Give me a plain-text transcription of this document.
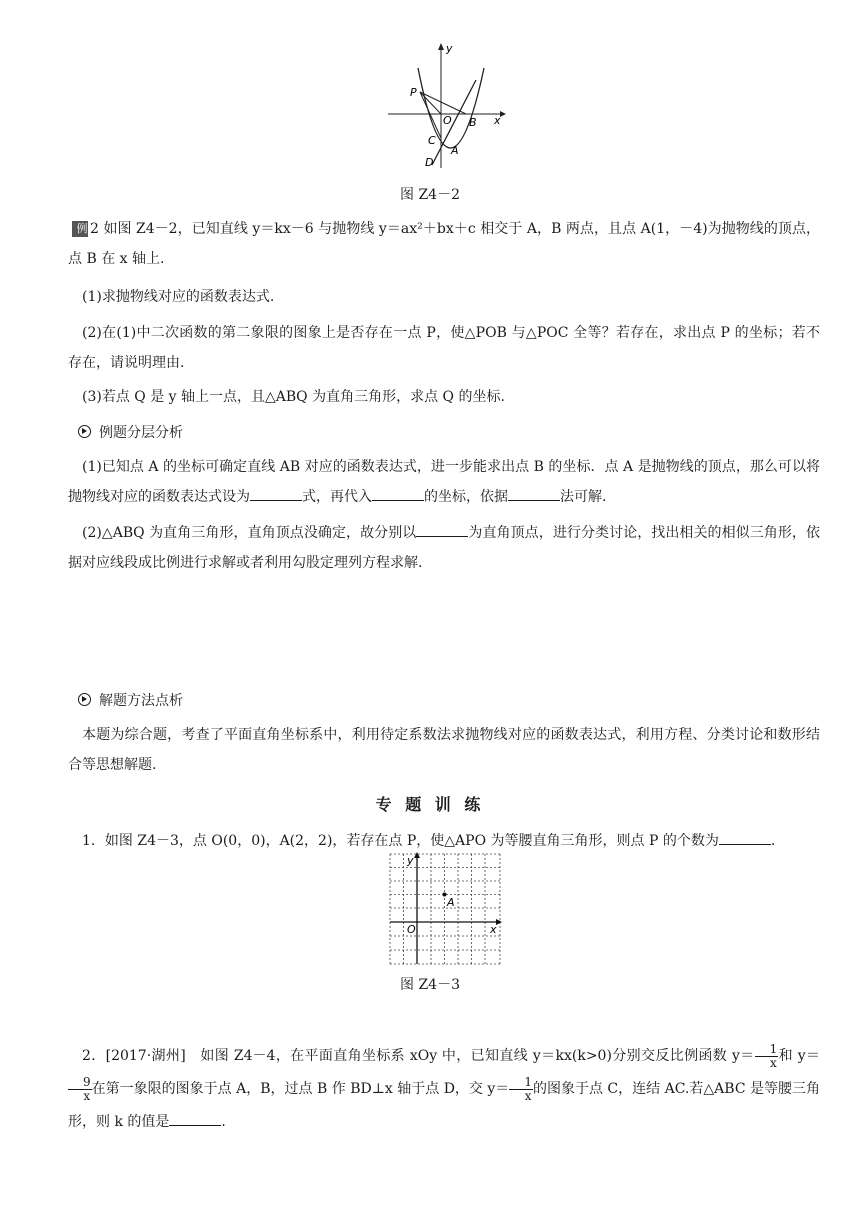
y
x
P
O B
C
A
D
图 Z4－2
例 2 如图 Z4－2，已知直线 y＝kx－6 与抛物线 y＝ax²＋bx＋c 相交于 A，B 两点，且点 A(1，－4)为抛物线的顶点，点 B 在 x 轴上.
(1)求抛物线对应的函数表达式.
(2)在(1)中二次函数的第二象限的图象上是否存在一点 P，使△POB 与△POC 全等？若存在，求出点 P 的坐标；若不存在，请说明理由.
(3)若点 Q 是 y 轴上一点，且△ABQ 为直角三角形，求点 Q 的坐标.
例题分层分析
(1)已知点 A 的坐标可确定直线 AB 对应的函数表达式，进一步能求出点 B 的坐标．点 A 是抛物线的顶点，那么可以将抛物线对应的函数表达式设为	式，再代入	的坐标，依据	法可解.
(2)△ABQ 为直角三角形，直角顶点没确定，故分别以	为直角顶点，进行分类讨论，找出相关的相似三角形，依据对应线段成比例进行求解或者利用勾股定理列方程求解.
解题方法点析
本题为综合题，考查了平面直角坐标系中，利用待定系数法求抛物线对应的函数表达式，利用方程、分类讨论和数形结合等思想解题.
专 题 训 练
1．如图 Z4－3，点 O(0，0)，A(2，2)，若存在点 P，使△APO 为等腰直角三角形，则点 P 的个数为	.
y
x
O
A
图 Z4－3
2．[2017·湖州]　如图 Z4－4，在平面直角坐标系 xOy 中，已知直线 y＝kx(k>0)分别交反比例函数 $y= \frac{1}{x}$ 和 y＝
$\frac{9}{x}$ 在第一象限的图象于点 A，B，过点 B 作 BD⊥x 轴于点 D，交 $y= \frac{1}{x}$ 的图象于点 C，连结 AC.若△ABC 是等腰三角形，则 k 的值是	.
